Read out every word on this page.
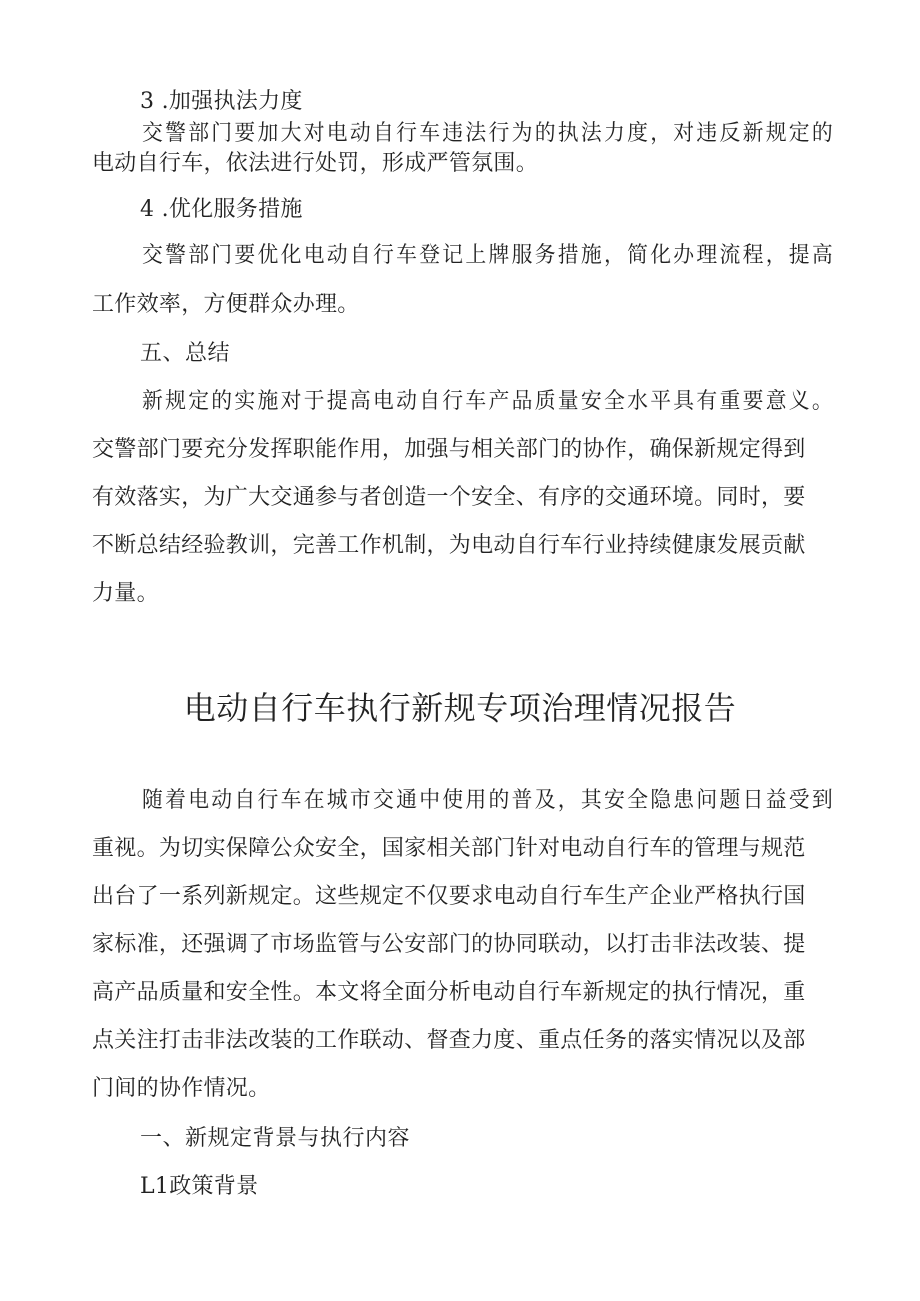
3 .加强执法力度

交警部门要加大对电动自行车违法行为的执法力度，对违反新规定的

电动自行车，依法进行处罚，形成严管氛围。

4 .优化服务措施

交警部门要优化电动自行车登记上牌服务措施，简化办理流程，提高

工作效率，方便群众办理。

五、总结

新规定的实施对于提高电动自行车产品质量安全水平具有重要意义。

交警部门要充分发挥职能作用，加强与相关部门的协作，确保新规定得到

有效落实，为广大交通参与者创造一个安全、有序的交通环境。同时，要

不断总结经验教训，完善工作机制，为电动自行车行业持续健康发展贡献

力量。

电动自行车执行新规专项治理情况报告

随着电动自行车在城市交通中使用的普及，其安全隐患问题日益受到

重视。为切实保障公众安全，国家相关部门针对电动自行车的管理与规范

出台了一系列新规定。这些规定不仅要求电动自行车生产企业严格执行国

家标准，还强调了市场监管与公安部门的协同联动，以打击非法改装、提

高产品质量和安全性。本文将全面分析电动自行车新规定的执行情况，重

点关注打击非法改装的工作联动、督查力度、重点任务的落实情况以及部

门间的协作情况。

一、新规定背景与执行内容

L1政策背景
